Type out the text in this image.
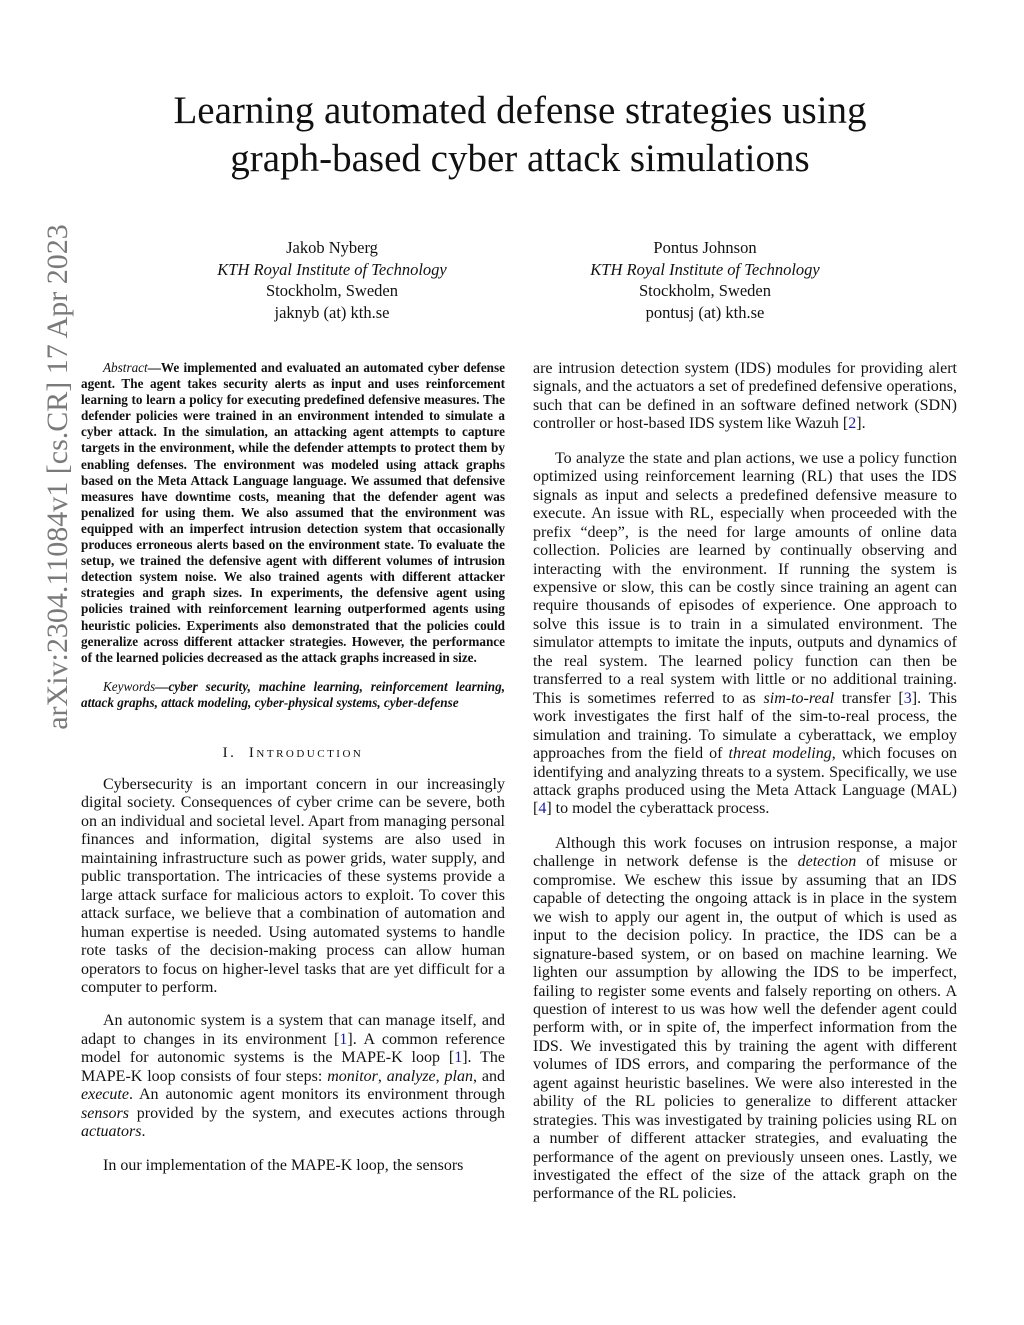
Learning automated defense strategies using
graph-based cyber attack simulations
Jakob Nyberg
KTH Royal Institute of Technology
Stockholm, Sweden
jaknyb (at) kth.se
Pontus Johnson
KTH Royal Institute of Technology
Stockholm, Sweden
pontusj (at) kth.se
arXiv:2304.11084v1 [cs.CR] 17 Apr 2023	Abstract—We implemented and evaluated an automated cyber defense agent. The agent takes security alerts as input and uses reinforcement learning to learn a policy for executing predefined defensive measures. The defender policies were trained in an environment intended to simulate a cyber attack. In the simulation, an attacking agent attempts to capture targets in the environment, while the defender attempts to protect them by enabling defenses. The environment was modeled using attack graphs based on the Meta Attack Language language. We assumed that defensive measures have downtime costs, meaning that the defender agent was penalized for using them. We also assumed that the environment was equipped with an imperfect intrusion detection system that occasionally produces erroneous alerts based on the environment state. To evaluate the setup, we trained the defensive agent with different volumes of intrusion detection system noise. We also trained agents with different attacker strategies and graph sizes. In experiments, the defensive agent using policies trained with reinforcement learning outperformed agents using heuristic policies. Experiments also demonstrated that the policies could generalize across different attacker strategies. However, the performance of the learned policies decreased as the attack graphs increased in size.

Keywords—cyber security, machine learning, reinforcement learning, attack graphs, attack modeling, cyber-physical systems, cyber-defense

I. Introduction

Cybersecurity is an important concern in our increasingly digital society. Consequences of cyber crime can be severe, both on an individual and societal level. Apart from managing personal finances and information, digital systems are also used in maintaining infrastructure such as power grids, water supply, and public transportation. The intricacies of these systems provide a large attack surface for malicious actors to exploit. To cover this attack surface, we believe that a combination of automation and human expertise is needed. Using automated systems to handle rote tasks of the decision-making process can allow human operators to focus on higher-level tasks that are yet difficult for a computer to perform.

An autonomic system is a system that can manage itself, and adapt to changes in its environment [1]. A common reference model for autonomic systems is the MAPE-K loop [1]. The MAPE-K loop consists of four steps: monitor, analyze, plan, and execute. An autonomic agent monitors its environment through sensors provided by the system, and executes actions through actuators.

In our implementation of the MAPE-K loop, the sensors

are intrusion detection system (IDS) modules for providing alert signals, and the actuators a set of predefined defensive operations, such that can be defined in an software defined network (SDN) controller or host-based IDS system like Wazuh [2].

To analyze the state and plan actions, we use a policy function optimized using reinforcement learning (RL) that uses the IDS signals as input and selects a predefined defensive measure to execute. An issue with RL, especially when proceeded with the prefix “deep”, is the need for large amounts of online data collection. Policies are learned by continually observing and interacting with the environment. If running the system is expensive or slow, this can be costly since training an agent can require thousands of episodes of experience. One approach to solve this issue is to train in a simulated environment. The simulator attempts to imitate the inputs, outputs and dynamics of the real system. The learned policy function can then be transferred to a real system with little or no additional training. This is sometimes referred to as sim-to-real transfer [3]. This work investigates the first half of the sim-to-real process, the simulation and training. To simulate a cyberattack, we employ approaches from the field of threat modeling, which focuses on identifying and analyzing threats to a system. Specifically, we use attack graphs produced using the Meta Attack Language (MAL) [4] to model the cyberattack process.

Although this work focuses on intrusion response, a major challenge in network defense is the detection of misuse or compromise. We eschew this issue by assuming that an IDS capable of detecting the ongoing attack is in place in the system we wish to apply our agent in, the output of which is used as input to the decision policy. In practice, the IDS can be a signature-based system, or on based on machine learning. We lighten our assumption by allowing the IDS to be imperfect, failing to register some events and falsely reporting on others. A question of interest to us was how well the defender agent could perform with, or in spite of, the imperfect information from the IDS. We investigated this by training the agent with different volumes of IDS errors, and comparing the performance of the agent against heuristic baselines. We were also interested in the ability of the RL policies to generalize to different attacker strategies. This was investigated by training policies using RL on a number of different attacker strategies, and evaluating the performance of the agent on previously unseen ones. Lastly, we investigated the effect of the size of the attack graph on the performance of the RL policies.
